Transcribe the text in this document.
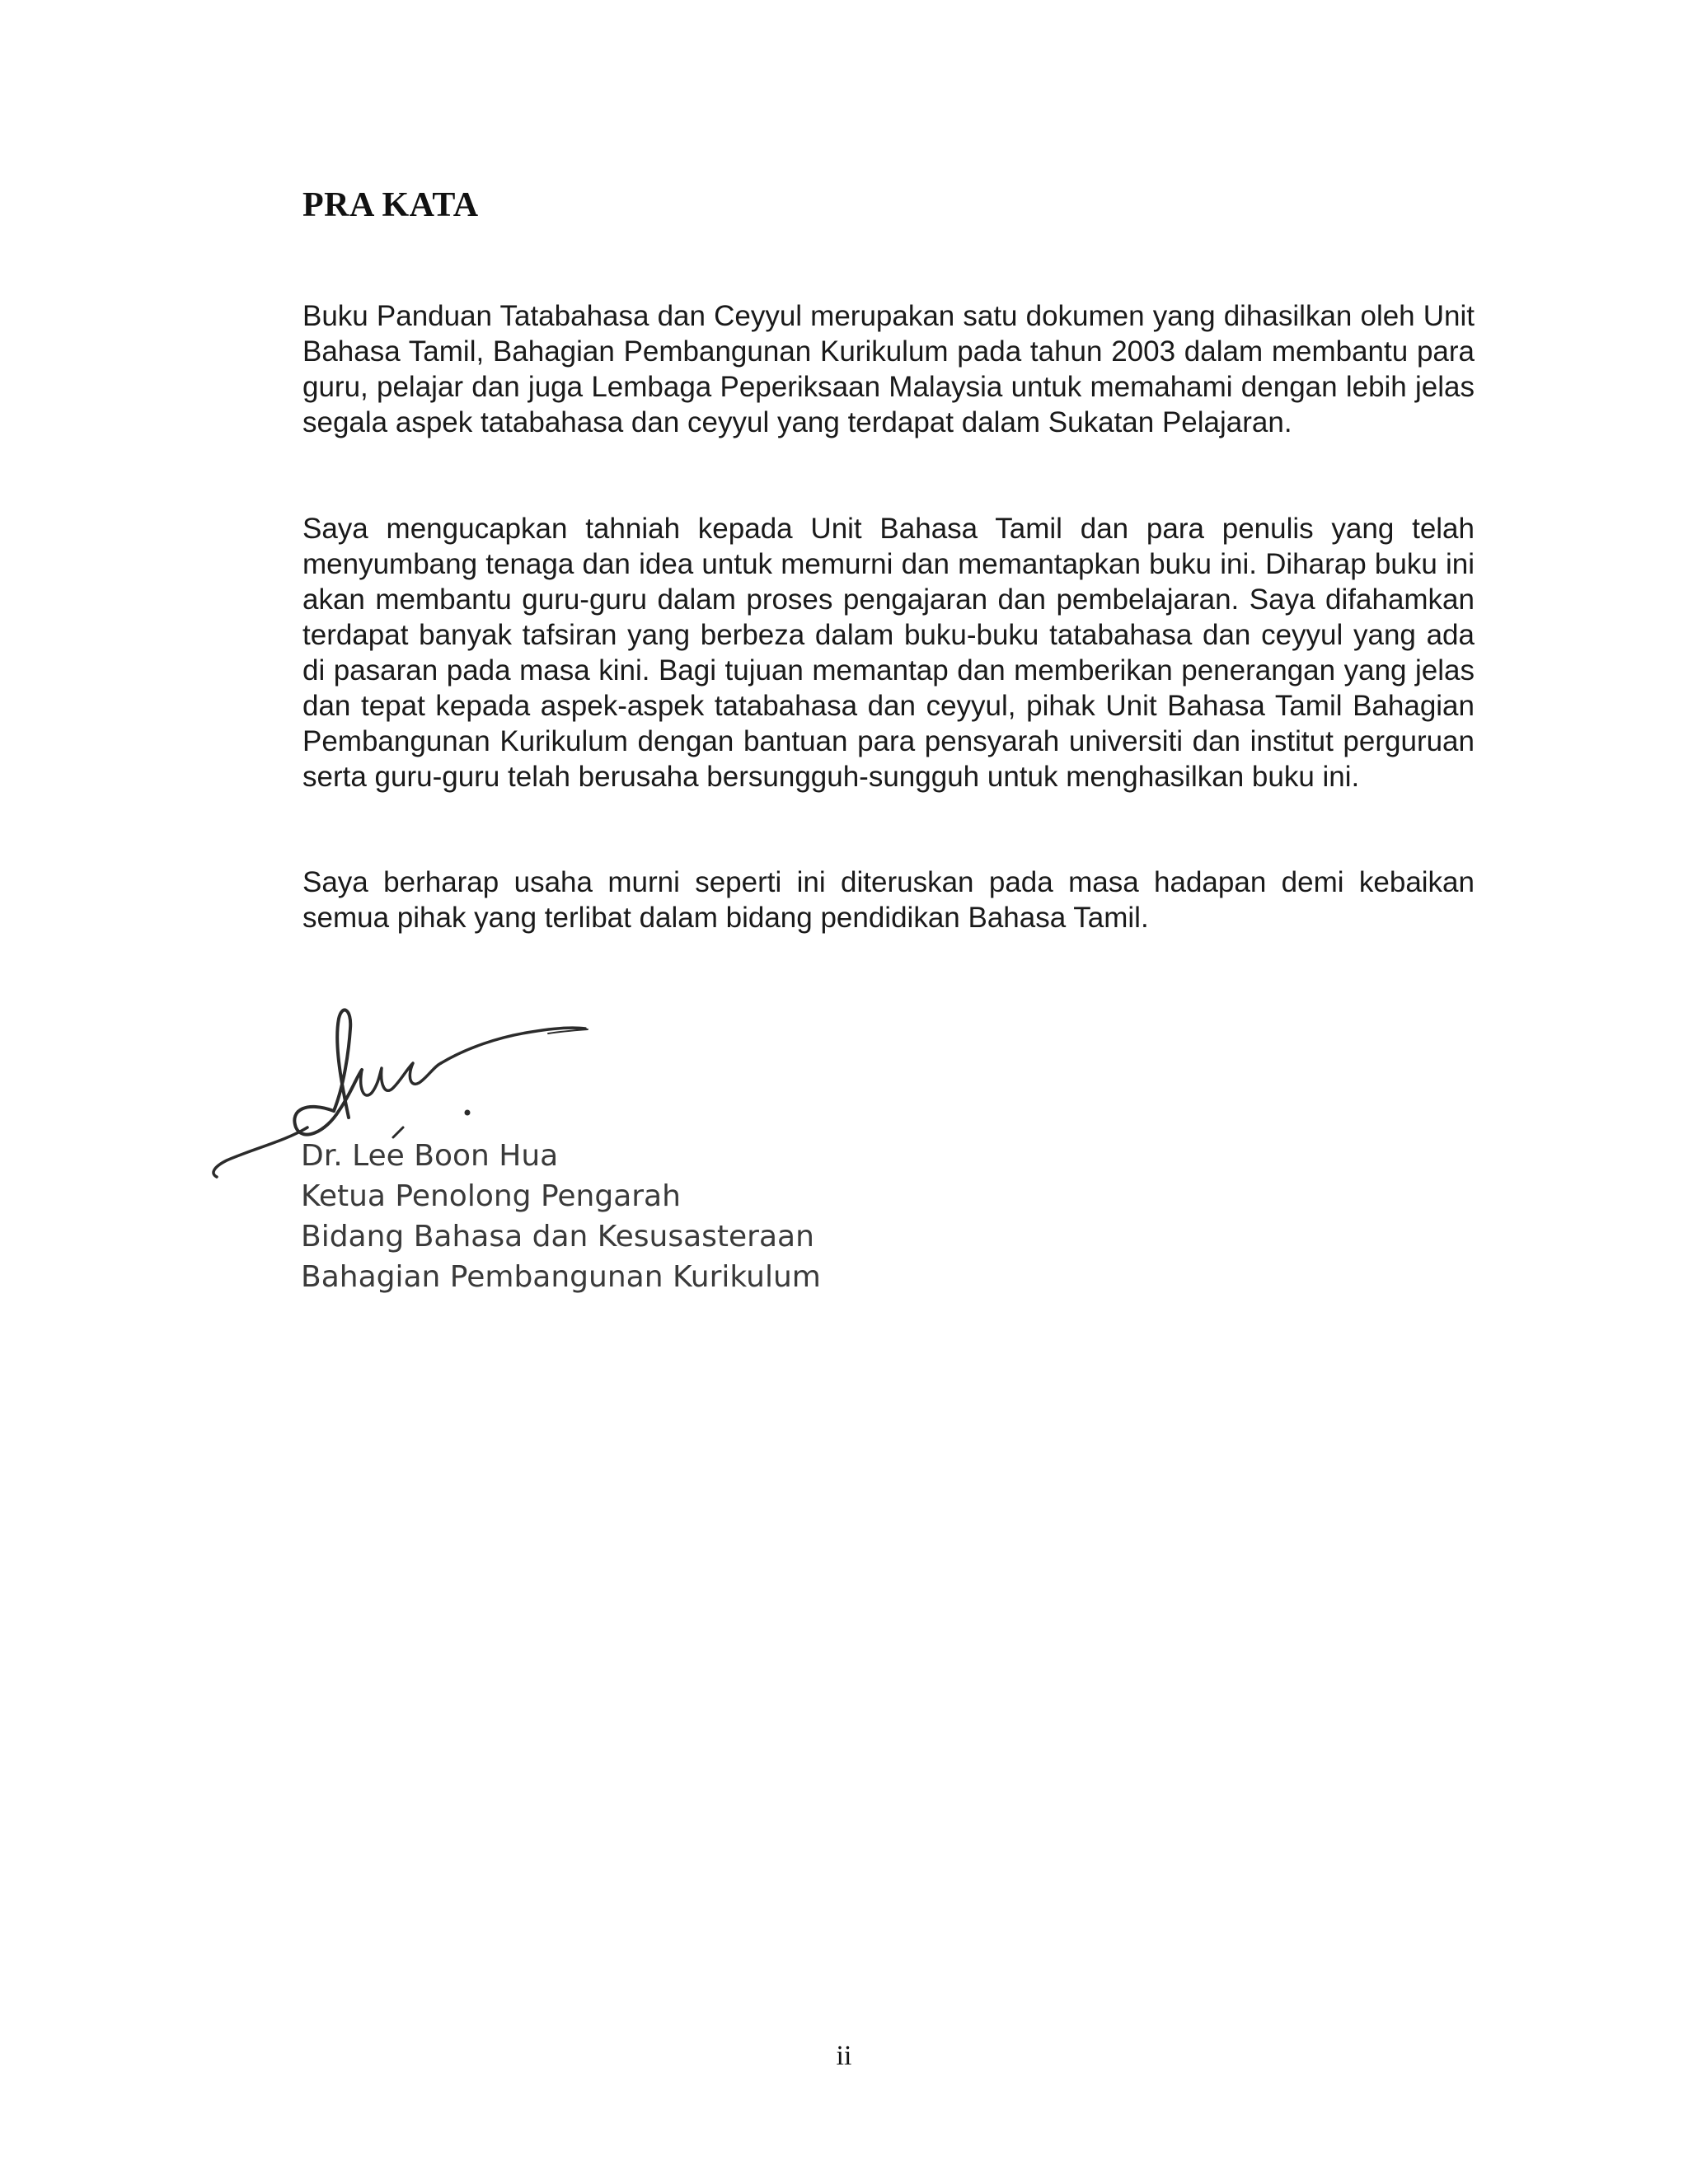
PRA KATA

Buku Panduan Tatabahasa dan Ceyyul merupakan satu dokumen yang dihasilkan oleh Unit Bahasa Tamil, Bahagian Pembangunan Kurikulum pada tahun 2003 dalam membantu para guru, pelajar dan juga Lembaga Peperiksaan Malaysia untuk memahami dengan lebih jelas segala aspek tatabahasa dan ceyyul yang terdapat dalam Sukatan Pelajaran.

Saya mengucapkan tahniah kepada Unit Bahasa Tamil dan para penulis yang telah menyumbang tenaga dan idea untuk memurni dan memantapkan buku ini. Diharap buku ini akan membantu guru-guru dalam proses pengajaran dan pembelajaran. Saya difahamkan terdapat banyak tafsiran yang berbeza dalam buku-buku tatabahasa dan ceyyul yang ada di pasaran pada masa kini. Bagi tujuan memantap dan memberikan penerangan yang jelas dan tepat kepada aspek-aspek tatabahasa dan ceyyul, pihak Unit Bahasa Tamil Bahagian Pembangunan Kurikulum dengan bantuan para pensyarah universiti dan institut perguruan serta guru-guru telah berusaha bersungguh-sungguh untuk menghasilkan buku ini.

Saya berharap usaha murni seperti ini diteruskan pada masa hadapan demi kebaikan semua pihak yang terlibat dalam bidang pendidikan Bahasa Tamil.

Dr. Lee Boon Hua
Ketua Penolong Pengarah
Bidang Bahasa dan Kesusasteraan
Bahagian Pembangunan Kurikulum
ii
